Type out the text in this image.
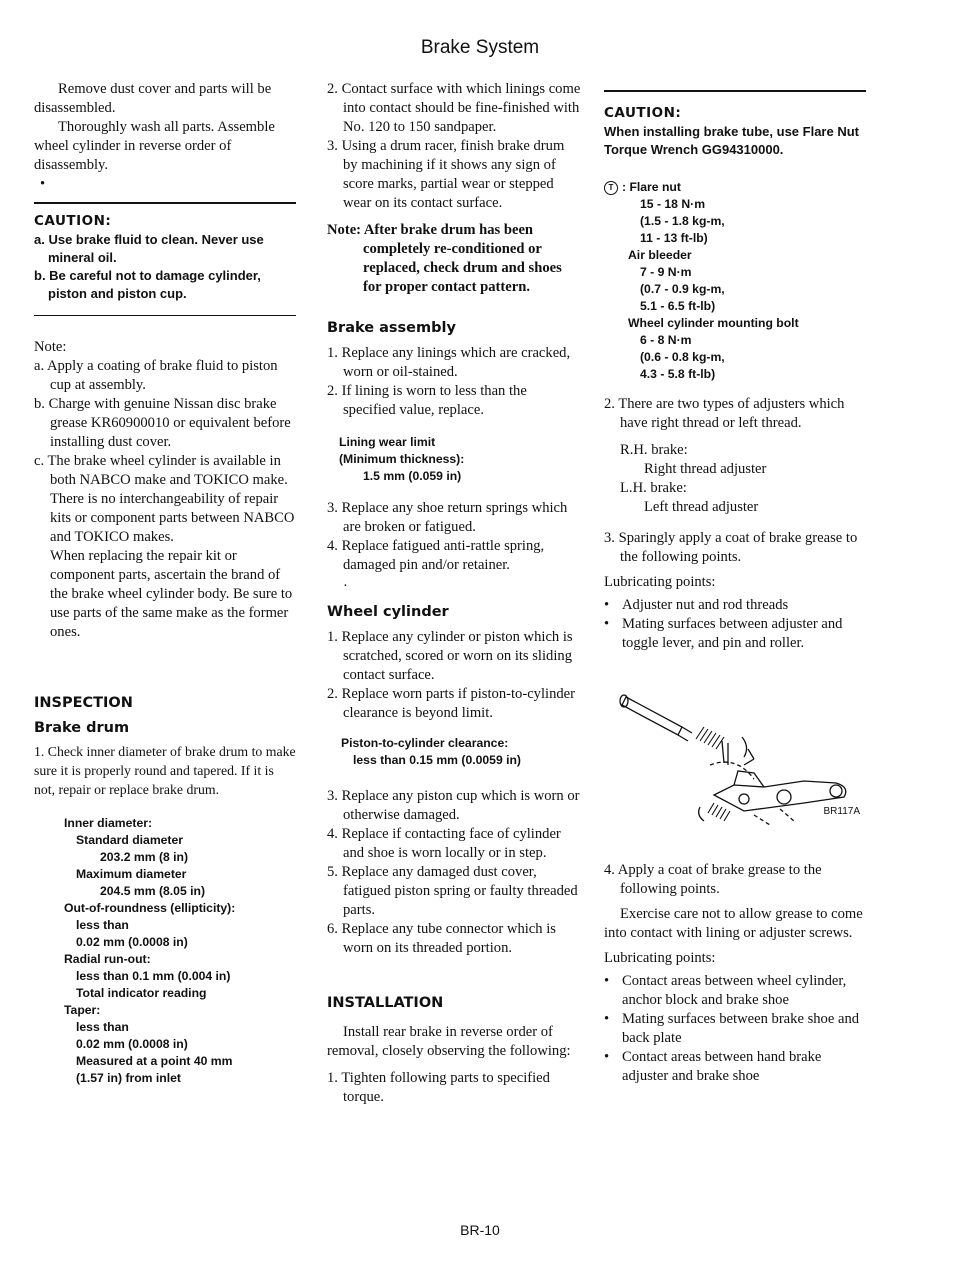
Brake System

Remove dust cover and parts will be disassembled.

Thoroughly wash all parts. Assemble wheel cylinder in reverse order of disassembly.

•

CAUTION:

a. Use brake fluid to clean. Never use mineral oil.

b. Be careful not to damage cylinder, piston and piston cup.

Note:

a. Apply a coating of brake fluid to piston cup at assembly.

b. Charge with genuine Nissan disc brake grease KR60900010 or equivalent before installing dust cover.

c. The brake wheel cylinder is available in both NABCO make and TOKICO make. There is no interchangeability of repair kits or component parts between NABCO and TOKICO makes.

When replacing the repair kit or component parts, ascertain the brand of the brake wheel cylinder body. Be sure to use parts of the same make as the former ones.

INSPECTION

Brake drum

1. Check inner diameter of brake drum to make sure it is properly round and tapered. If it is not, repair or replace brake drum.

Inner diameter:

Standard diameter

203.2 mm (8 in)

Maximum diameter

204.5 mm (8.05 in)

Out-of-roundness (ellipticity):

less than

0.02 mm (0.0008 in)

Radial run-out:

less than 0.1 mm (0.004 in)

Total indicator reading

Taper:

less than

0.02 mm (0.0008 in)

Measured at a point 40 mm

(1.57 in) from inlet

2. Contact surface with which linings come into contact should be fine-finished with No. 120 to 150 sandpaper.

3. Using a drum racer, finish brake drum by machining if it shows any sign of score marks, partial wear or stepped wear on its contact surface.

Note: After brake drum has been completely re-conditioned or replaced, check drum and shoes for proper contact pattern.

Brake assembly

1. Replace any linings which are cracked, worn or oil-stained.

2. If lining is worn to less than the specified value, replace.

Lining wear limit

(Minimum thickness):

1.5 mm (0.059 in)

3. Replace any shoe return springs which are broken or fatigued.

4. Replace fatigued anti-rattle spring, damaged pin and/or retainer.

·

Wheel cylinder

1. Replace any cylinder or piston which is scratched, scored or worn on its sliding contact surface.

2. Replace worn parts if piston-to-cylinder clearance is beyond limit.

Piston-to-cylinder clearance:

less than 0.15 mm (0.0059 in)

3. Replace any piston cup which is worn or otherwise damaged.

4. Replace if contacting face of cylinder and shoe is worn locally or in step.

5. Replace any damaged dust cover, fatigued piston spring or faulty threaded parts.

6. Replace any tube connector which is worn on its threaded portion.

INSTALLATION

Install rear brake in reverse order of removal, closely observing the following:

1. Tighten following parts to specified torque.

CAUTION:

When installing brake tube, use Flare Nut Torque Wrench GG94310000.

T : Flare nut

15 - 18 N·m

(1.5 - 1.8 kg-m,

11 - 13 ft-lb)

Air bleeder

7 - 9 N·m

(0.7 - 0.9 kg-m,

5.1 - 6.5 ft-lb)

Wheel cylinder mounting bolt

6 - 8 N·m

(0.6 - 0.8 kg-m,

4.3 - 5.8 ft-lb)

2. There are two types of adjusters which have right thread or left thread.

R.H. brake:

Right thread adjuster

L.H. brake:

Left thread adjuster

3. Sparingly apply a coat of brake grease to the following points.

Lubricating points:

• Adjuster nut and rod threads
• Mating surfaces between adjuster and toggle lever, and pin and roller.
BR117A

4. Apply a coat of brake grease to the following points.

Exercise care not to allow grease to come into contact with lining or adjuster screws.

Lubricating points:

• Contact areas between wheel cylinder, anchor block and brake shoe
• Mating surfaces between brake shoe and back plate
• Contact areas between hand brake adjuster and brake shoe
BR-10
